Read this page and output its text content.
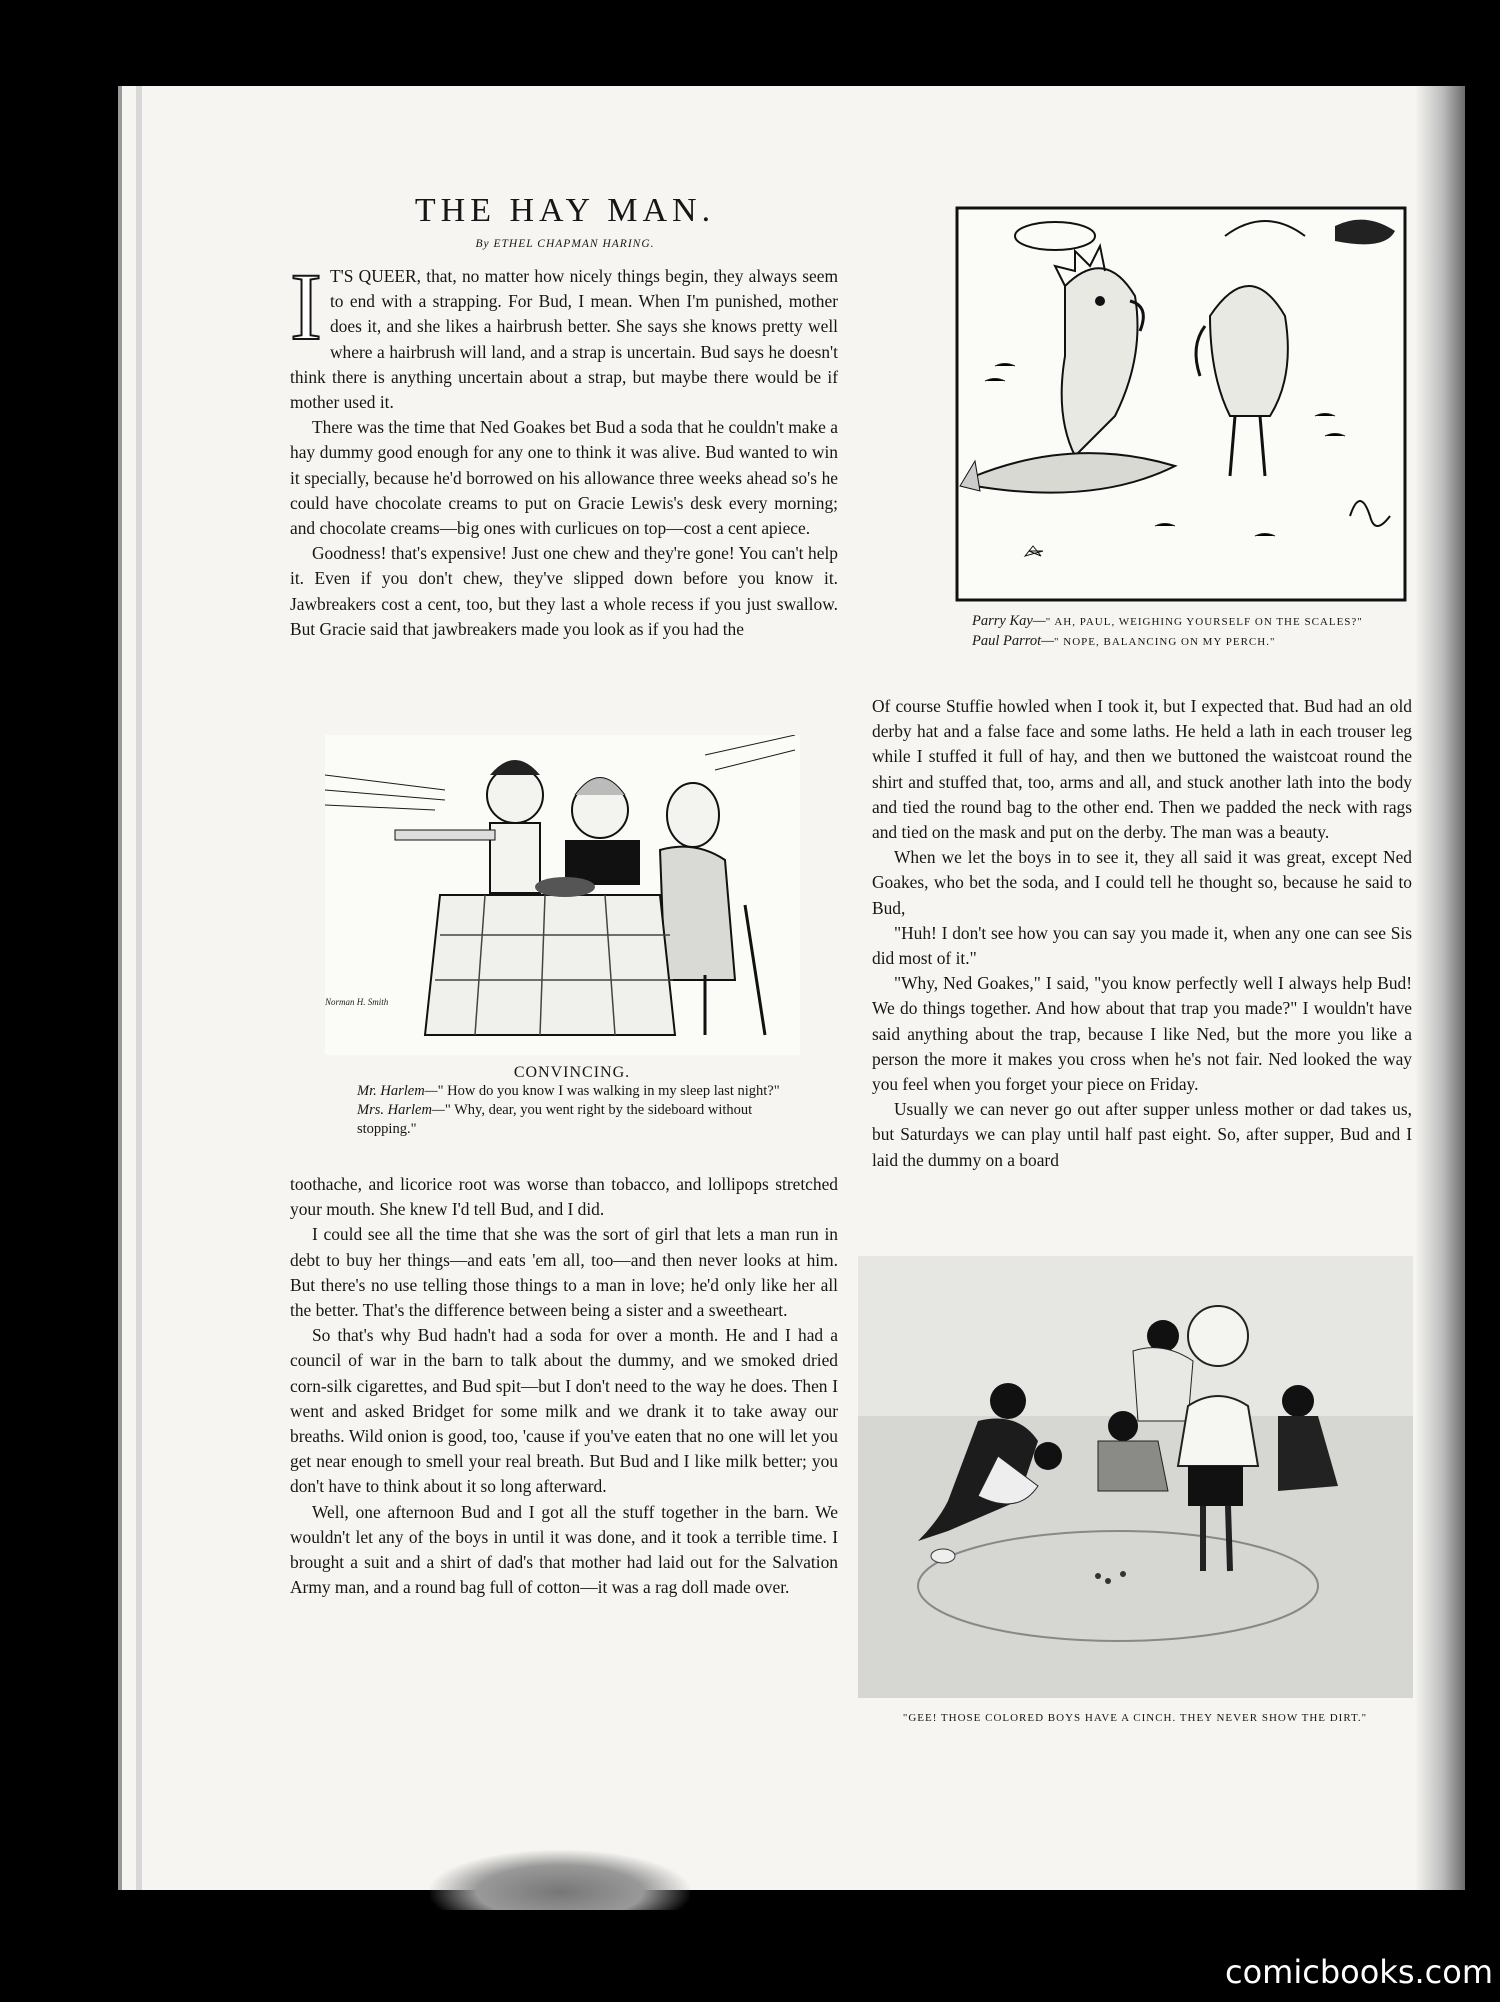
THE HAY MAN.
By ETHEL CHAPMAN HARING.
I T'S QUEER, that, no matter how nicely things begin, they always seem to end with a strapping. For Bud, I mean. When I'm punished, mother does it, and she likes a hairbrush better. She says she knows pretty well where a hairbrush will land, and a strap is uncertain. Bud says he doesn't think there is anything uncertain about a strap, but maybe there would be if mother used it.

There was the time that Ned Goakes bet Bud a soda that he couldn't make a hay dummy good enough for any one to think it was alive. Bud wanted to win it specially, because he'd borrowed on his allowance three weeks ahead so's he could have chocolate creams to put on Gracie Lewis's desk every morning; and chocolate creams—big ones with curlicues on top—cost a cent apiece.

Goodness! that's expensive! Just one chew and they're gone! You can't help it. Even if you don't chew, they've slipped down before you know it. Jawbreakers cost a cent, too, but they last a whole recess if you just swallow. But Gracie said that jawbreakers made you look as if you had the

Norman H. Smith
CONVINCING.

Mr. Harlem—" How do you know I was walking in my sleep last night?"

Mrs. Harlem—" Why, dear, you went right by the sideboard without stopping."

toothache, and licorice root was worse than tobacco, and lollipops stretched your mouth. She knew I'd tell Bud, and I did.

I could see all the time that she was the sort of girl that lets a man run in debt to buy her things—and eats 'em all, too—and then never looks at him. But there's no use telling those things to a man in love; he'd only like her all the better. That's the difference between being a sister and a sweetheart.

So that's why Bud hadn't had a soda for over a month. He and I had a council of war in the barn to talk about the dummy, and we smoked dried corn-silk cigarettes, and Bud spit—but I don't need to the way he does. Then I went and asked Bridget for some milk and we drank it to take away our breaths. Wild onion is good, too, 'cause if you've eaten that no one will let you get near enough to smell your real breath. But Bud and I like milk better; you don't have to think about it so long afterward.

Well, one afternoon Bud and I got all the stuff together in the barn. We wouldn't let any of the boys in until it was done, and it took a terrible time. I brought a suit and a shirt of dad's that mother had laid out for the Salvation Army man, and a round bag full of cotton—it was a rag doll made over.

Parry Kay—" AH, PAUL, WEIGHING YOURSELF ON THE SCALES?"

Paul Parrot—" NOPE, BALANCING ON MY PERCH."

Of course Stuffie howled when I took it, but I expected that. Bud had an old derby hat and a false face and some laths. He held a lath in each trouser leg while I stuffed it full of hay, and then we buttoned the waistcoat round the shirt and stuffed that, too, arms and all, and stuck another lath into the body and tied the round bag to the other end. Then we padded the neck with rags and tied on the mask and put on the derby. The man was a beauty.

When we let the boys in to see it, they all said it was great, except Ned Goakes, who bet the soda, and I could tell he thought so, because he said to Bud,

"Huh! I don't see how you can say you made it, when any one can see Sis did most of it."

"Why, Ned Goakes," I said, "you know perfectly well I always help Bud! We do things together. And how about that trap you made?" I wouldn't have said anything about the trap, because I like Ned, but the more you like a person the more it makes you cross when he's not fair. Ned looked the way you feel when you forget your piece on Friday.

Usually we can never go out after supper unless mother or dad takes us, but Saturdays we can play until half past eight. So, after supper, Bud and I laid the dummy on a board

"GEE! THOSE COLORED BOYS HAVE A CINCH. THEY NEVER SHOW THE DIRT."
comicbooks.com
